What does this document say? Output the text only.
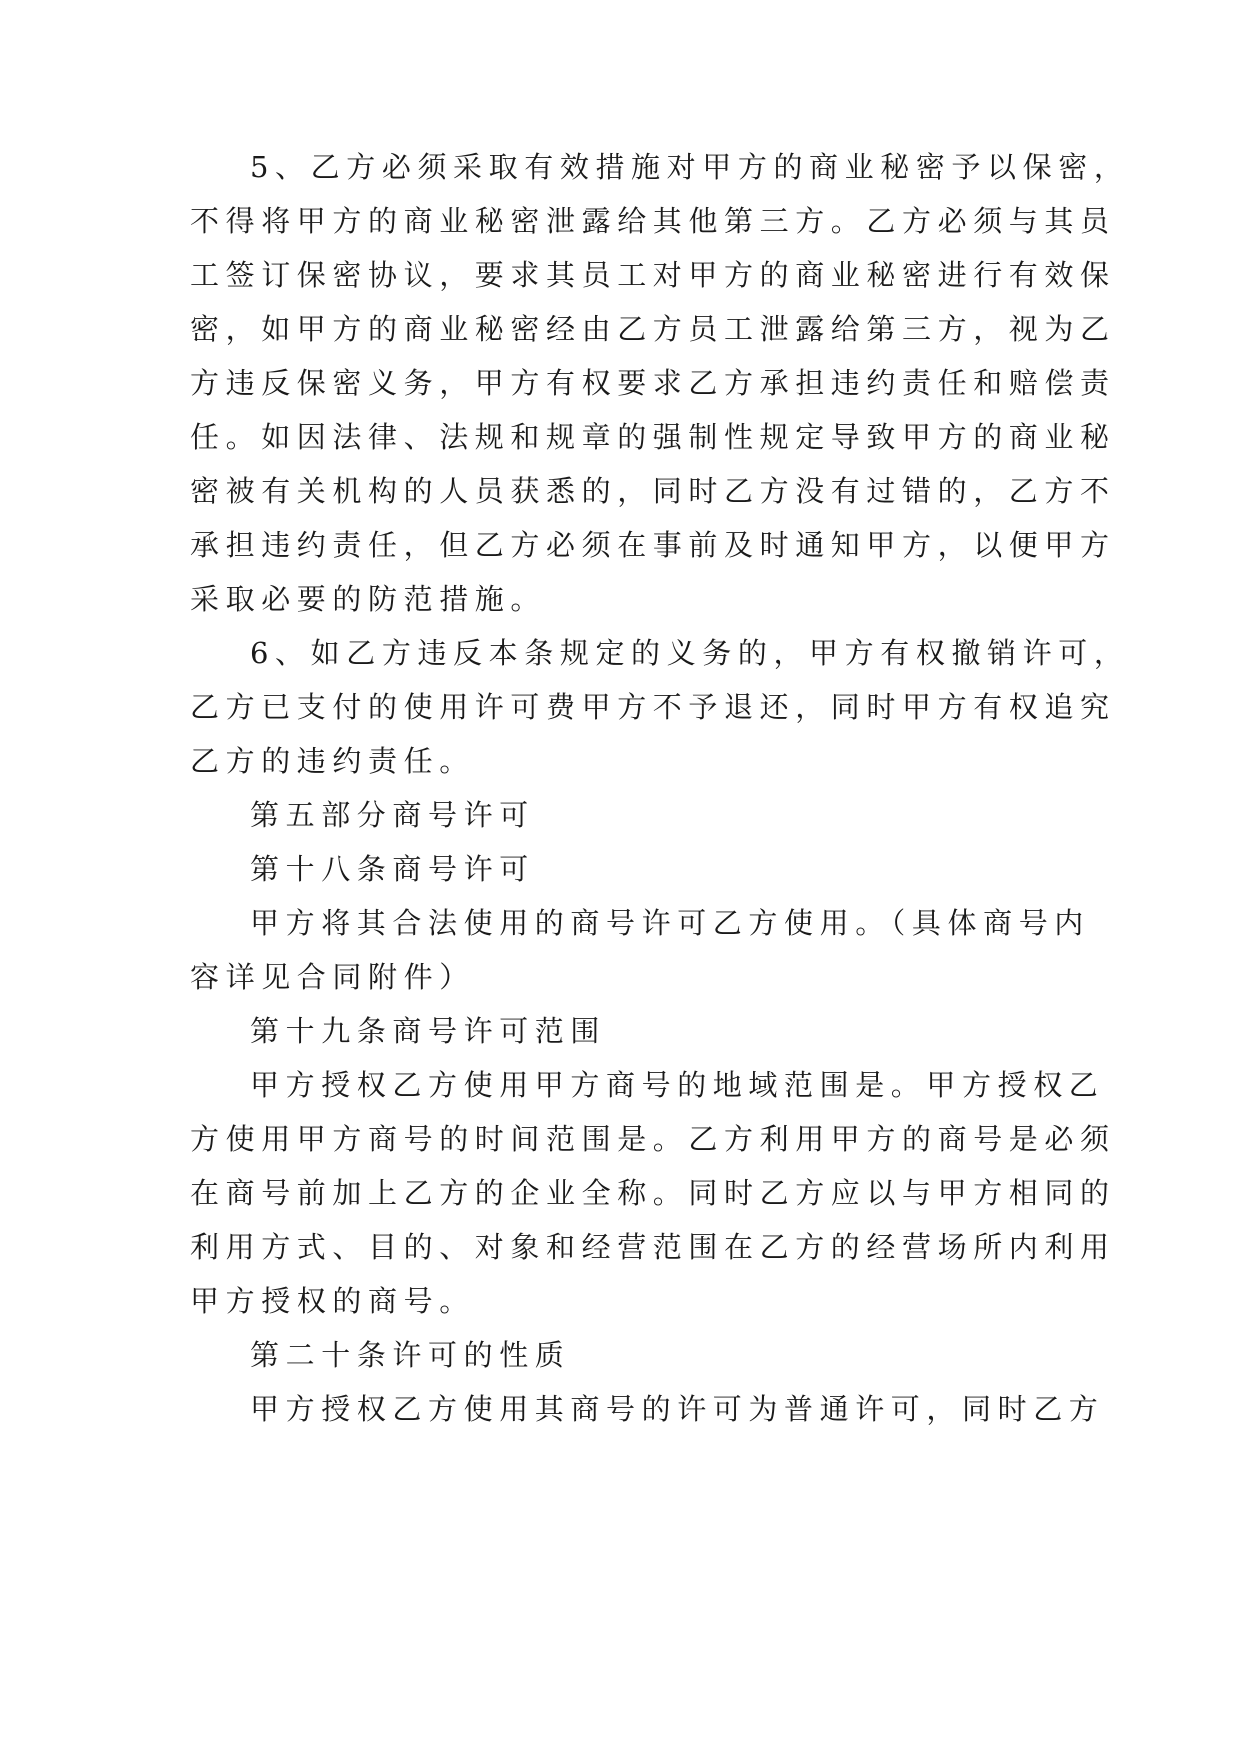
5、乙方必须采取有效措施对甲方的商业秘密予以保密，
不得将甲方的商业秘密泄露给其他第三方。乙方必须与其员
工签订保密协议，要求其员工对甲方的商业秘密进行有效保
密，如甲方的商业秘密经由乙方员工泄露给第三方，视为乙
方违反保密义务，甲方有权要求乙方承担违约责任和赔偿责
任。如因法律、法规和规章的强制性规定导致甲方的商业秘
密被有关机构的人员获悉的，同时乙方没有过错的，乙方不
承担违约责任，但乙方必须在事前及时通知甲方，以便甲方
采取必要的防范措施。
6、如乙方违反本条规定的义务的，甲方有权撤销许可，
乙方已支付的使用许可费甲方不予退还，同时甲方有权追究
乙方的违约责任。
第五部分商号许可
第十八条商号许可
甲方将其合法使用的商号许可乙方使用。（具体商号内
容详见合同附件）
第十九条商号许可范围
甲方授权乙方使用甲方商号的地域范围是。甲方授权乙
方使用甲方商号的时间范围是。乙方利用甲方的商号是必须
在商号前加上乙方的企业全称。同时乙方应以与甲方相同的
利用方式、目的、对象和经营范围在乙方的经营场所内利用
甲方授权的商号。
第二十条许可的性质
甲方授权乙方使用其商号的许可为普通许可，同时乙方
